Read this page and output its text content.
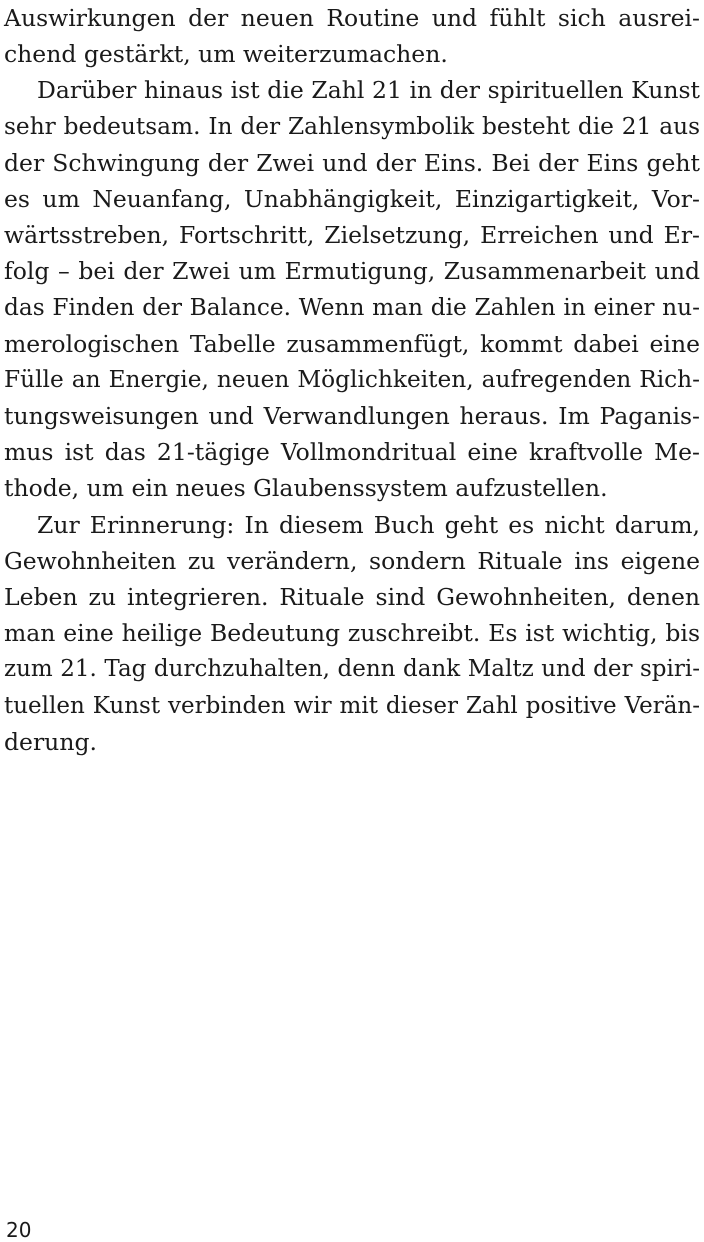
Auswirkungen der neuen Routine und fühlt sich ausrei-
chend gestärkt, um weiterzumachen.
Darüber hinaus ist die Zahl 21 in der spirituellen Kunst
sehr bedeutsam. In der Zahlensymbolik besteht die 21 aus
der Schwingung der Zwei und der Eins. Bei der Eins geht
es um Neuanfang, Unabhängigkeit, Einzigartigkeit, Vor-
wärtsstreben, Fortschritt, Zielsetzung, Erreichen und Er-
folg – bei der Zwei um Ermutigung, Zusammenarbeit und
das Finden der Balance. Wenn man die Zahlen in einer nu-
merologischen Tabelle zusammenfügt, kommt dabei eine
Fülle an Energie, neuen Möglichkeiten, aufregenden Rich-
tungsweisungen und Verwandlungen heraus. Im Paganis-
mus ist das 21-tägige Vollmondritual eine kraftvolle Me-
thode, um ein neues Glaubenssystem aufzustellen.
Zur Erinnerung: In diesem Buch geht es nicht darum,
Gewohnheiten zu verändern, sondern Rituale ins eigene
Leben zu integrieren. Rituale sind Gewohnheiten, denen
man eine heilige Bedeutung zuschreibt. Es ist wichtig, bis
zum 21. Tag durchzuhalten, denn dank Maltz und der spiri-
tuellen Kunst verbinden wir mit dieser Zahl positive Verän-
derung.
20
